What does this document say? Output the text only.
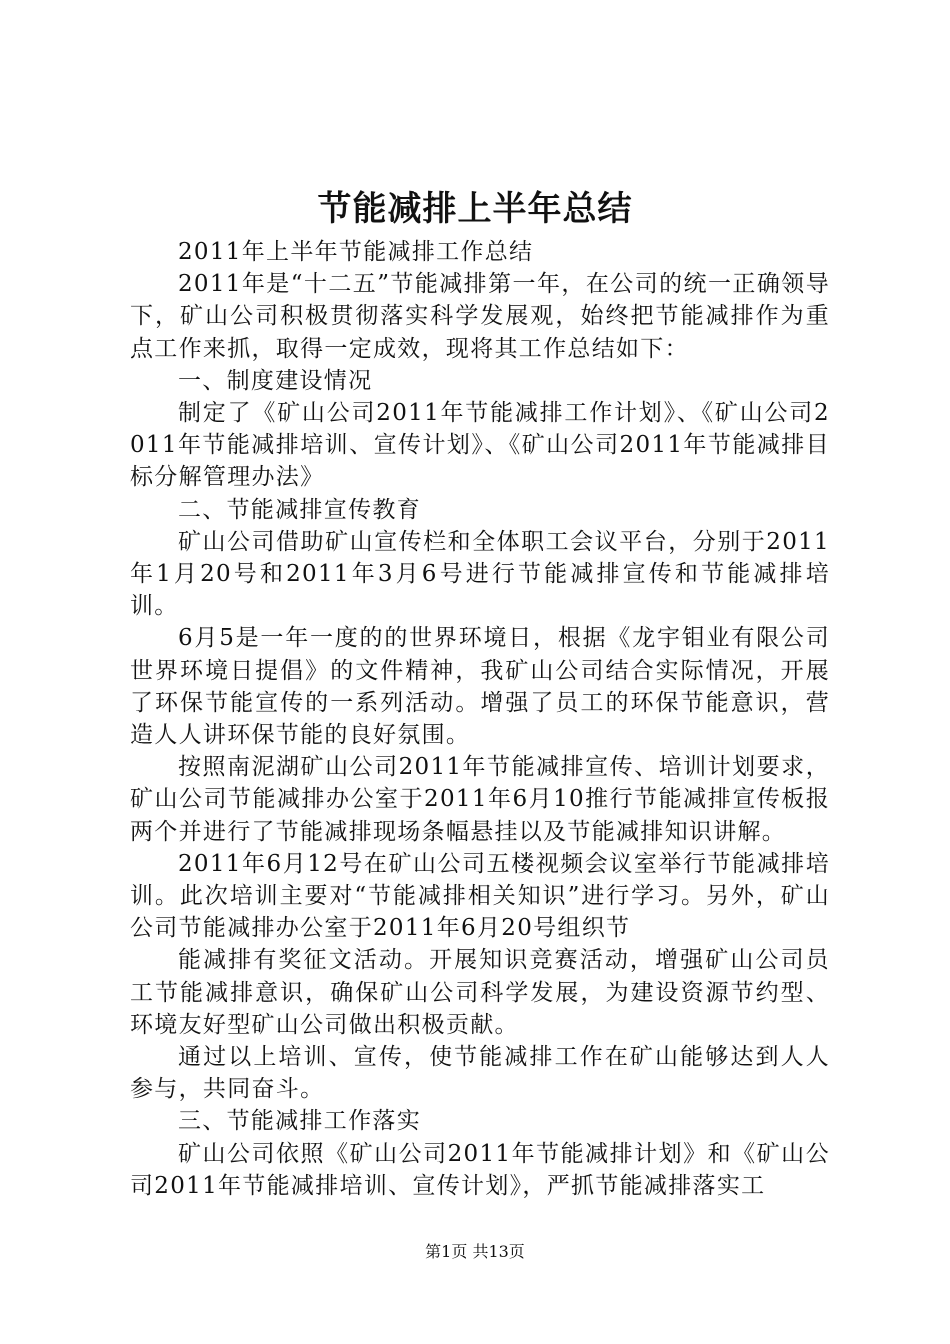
节能减排上半年总结

2011年上半年节能减排工作总结

2011年是“十二五”节能减排第一年，在公司的统一正确领导下，矿山公司积极贯彻落实科学发展观，始终把节能减排作为重点工作来抓，取得一定成效，现将其工作总结如下：

一、制度建设情况

制定了《矿山公司2011年节能减排工作计划》、《矿山公司2011年节能减排培训、宣传计划》、《矿山公司2011年节能减排目标分解管理办法》

二、节能减排宣传教育

矿山公司借助矿山宣传栏和全体职工会议平台，分别于2011年1月20号和2011年3月6号进行节能减排宣传和节能减排培训。

6月5是一年一度的的世界环境日，根据《龙宇钼业有限公司世界环境日提倡》的文件精神，我矿山公司结合实际情况，开展了环保节能宣传的一系列活动。增强了员工的环保节能意识，营造人人讲环保节能的良好氛围。

按照南泥湖矿山公司2011年节能减排宣传、培训计划要求，矿山公司节能减排办公室于2011年6月10推行节能减排宣传板报两个并进行了节能减排现场条幅悬挂以及节能减排知识讲解。

2011年6月12号在矿山公司五楼视频会议室举行节能减排培训。此次培训主要对“节能减排相关知识”进行学习。另外，矿山公司节能减排办公室于2011年6月20号组织节

能减排有奖征文活动。开展知识竞赛活动，增强矿山公司员工节能减排意识，确保矿山公司科学发展，为建设资源节约型、环境友好型矿山公司做出积极贡献。

通过以上培训、宣传，使节能减排工作在矿山能够达到人人参与，共同奋斗。

三、节能减排工作落实

矿山公司依照《矿山公司2011年节能减排计划》和《矿山公司2011年节能减排培训、宣传计划》，严抓节能减排落实工

第1页 共13页
